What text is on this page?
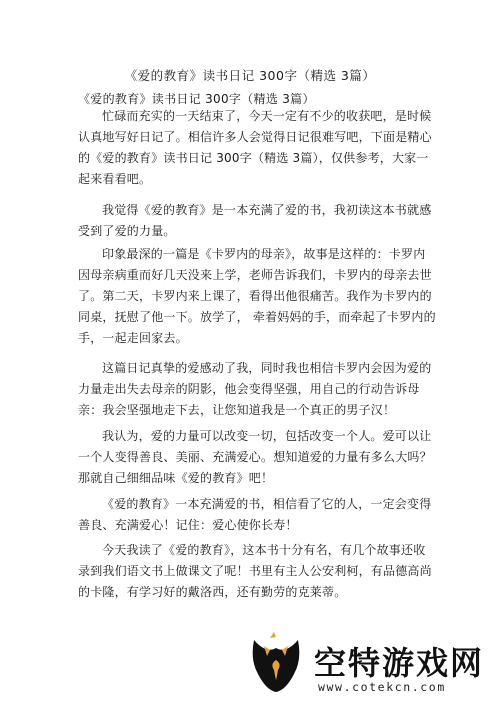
《爱的教育》读书日记 300字（精选 3篇）
《爱的教育》读书日记 300字（精选 3篇）
忙碌而充实的一天结束了，今天一定有不少的收获吧，是时候
认真地写好日记了。相信许多人会觉得日记很难写吧，下面是精心
的《爱的教育》读书日记 300字（精选 3篇），仅供参考，大家一
起来看看吧。
我觉得《爱的教育》是一本充满了爱的书，我初读这本书就感
受到了爱的力量。
印象最深的一篇是《卡罗内的母亲》，故事是这样的：卡罗内
因母亲病重而好几天没来上学，老师告诉我们，卡罗内的母亲去世
了。第二天，卡罗内来上课了，看得出他很痛苦。我作为卡罗内的
同桌，抚慰了他一下。放学了， 牵着妈妈的手，而牵起了卡罗内的
手，一起走回家去。
这篇日记真挚的爱感动了我，同时我也相信卡罗内会因为爱的
力量走出失去母亲的阴影，他会变得坚强，用自己的行动告诉母
亲：我会坚强地走下去，让您知道我是一个真正的男子汉！
我认为，爱的力量可以改变一切，包括改变一个人。爱可以让
一个人变得善良、美丽、充满爱心。想知道爱的力量有多么大吗？
那就自己细细品味《爱的教育》吧！
《爱的教育》一本充满爱的书，相信看了它的人，一定会变得
善良、充满爱心！记住：爱心使你长寿！
今天我读了《爱的教育》，这本书十分有名，有几个故事还收
录到我们语文书上做课文了呢！书里有主人公安利柯，有品德高尚
的卡隆，有学习好的戴洛西，还有勤劳的克莱蒂。
空特游戏网
www.cotekcn.com
